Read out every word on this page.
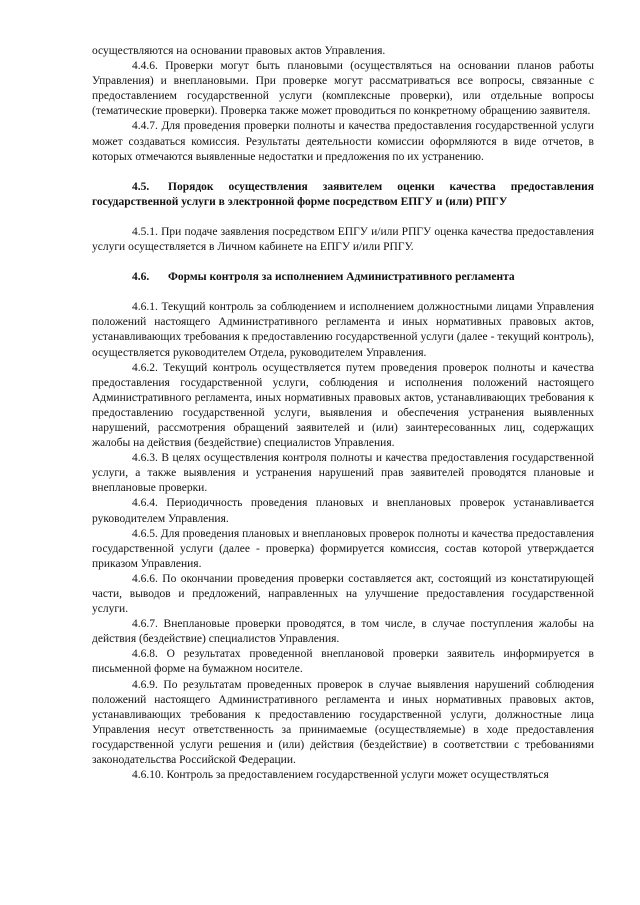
осуществляются на основании правовых актов Управления.

4.4.6. Проверки могут быть плановыми (осуществляться на основании планов работы Управления) и внеплановыми. При проверке могут рассматриваться все вопросы, связанные с предоставлением государственной услуги (комплексные проверки), или отдельные вопросы (тематические проверки). Проверка также может проводиться по конкретному обращению заявителя.

4.4.7. Для проведения проверки полноты и качества предоставления государственной услуги может создаваться комиссия. Результаты деятельности комиссии оформляются в виде отчетов, в которых отмечаются выявленные недостатки и предложения по их устранению.

4.5. Порядок осуществления заявителем оценки качества предоставления государственной услуги в электронной форме посредством ЕПГУ и (или) РПГУ

4.5.1. При подаче заявления посредством ЕПГУ и/или РПГУ оценка качества предоставления услуги осуществляется в Личном кабинете на ЕПГУ и/или РПГУ.

4.6. Формы контроля за исполнением Административного регламента

4.6.1. Текущий контроль за соблюдением и исполнением должностными лицами Управления положений настоящего Административного регламента и иных нормативных правовых актов, устанавливающих требования к предоставлению государственной услуги (далее - текущий контроль), осуществляется руководителем Отдела, руководителем Управления.

4.6.2. Текущий контроль осуществляется путем проведения проверок полноты и качества предоставления государственной услуги, соблюдения и исполнения положений настоящего Административного регламента, иных нормативных правовых актов, устанавливающих требования к предоставлению государственной услуги, выявления и обеспечения устранения выявленных нарушений, рассмотрения обращений заявителей и (или) заинтересованных лиц, содержащих жалобы на действия (бездействие) специалистов Управления.

4.6.3. В целях осуществления контроля полноты и качества предоставления государственной услуги, а также выявления и устранения нарушений прав заявителей проводятся плановые и внеплановые проверки.

4.6.4. Периодичность проведения плановых и внеплановых проверок устанавливается руководителем Управления.

4.6.5. Для проведения плановых и внеплановых проверок полноты и качества предоставления государственной услуги (далее - проверка) формируется комиссия, состав которой утверждается приказом Управления.

4.6.6. По окончании проведения проверки составляется акт, состоящий из констатирующей части, выводов и предложений, направленных на улучшение предоставления государственной услуги.

4.6.7. Внеплановые проверки проводятся, в том числе, в случае поступления жалобы на действия (бездействие) специалистов Управления.

4.6.8. О результатах проведенной внеплановой проверки заявитель информируется в письменной форме на бумажном носителе.

4.6.9. По результатам проведенных проверок в случае выявления нарушений соблюдения положений настоящего Административного регламента и иных нормативных правовых актов, устанавливающих требования к предоставлению государственной услуги, должностные лица Управления несут ответственность за принимаемые (осуществляемые) в ходе предоставления государственной услуги решения и (или) действия (бездействие) в соответствии с требованиями законодательства Российской Федерации.

4.6.10. Контроль за предоставлением государственной услуги может осуществляться
